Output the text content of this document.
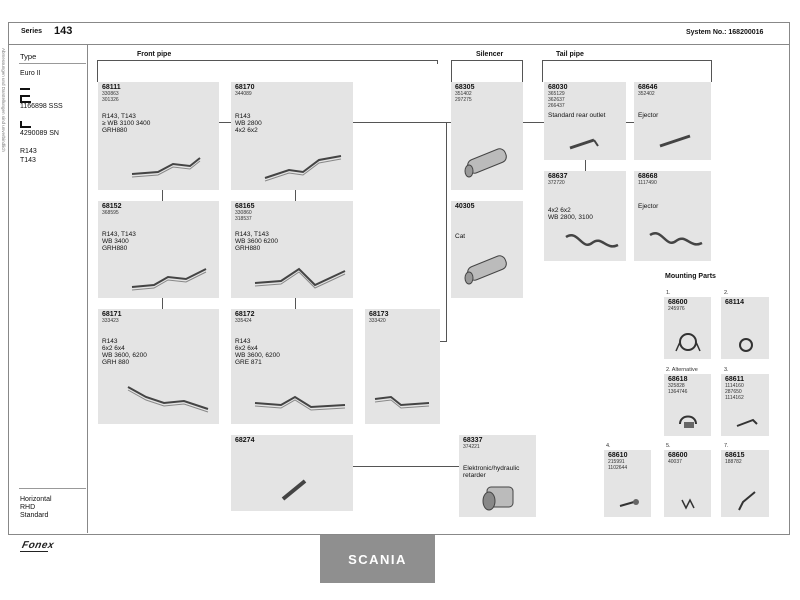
Series 143	System No.: 168200016
Abmessungen und Darstellungen sind unverbindlich Type
Euro II
1166898 SSS
4290089 SN
R143
T143
Horizontal
RHD
Standard
Front pipe	Silencer	Tail pipe
Mounting Parts
68111
330863
301326
R143, T143
≥ WB 3100 3400
GRH880
68170
344089
R143
WB 2800
4x2 6x2
68152
368595
R143, T143
WB 3400
GRH880
68165
330860
318537
R143, T143
WB 3600 6200
GRH880
68171
333423
R143
6x2 6x4
WB 3600, 6200
GRH 880
68172
335424
R143
6x2 6x4
WB 3600, 6200
GRE 871
68173
333420
68274
68305
351402
297275
40305
Cat
68337
374221
Elektronic/hydraulic
retarder
68030
365129
362637
266437
Standard rear outlet
68646
352402
Ejector
68637
372720
4x2 6x2
WB 2800, 3100
68668
1117490
Ejector
1.
68600
245976
2.
68114
2. Alternative
68618
325828
1364746
3.
68611
1114160
287650
1114162
4.
68610
215991
1102644
5.
68600
40037
7.
68615
188782
Fonex
SCANIA
